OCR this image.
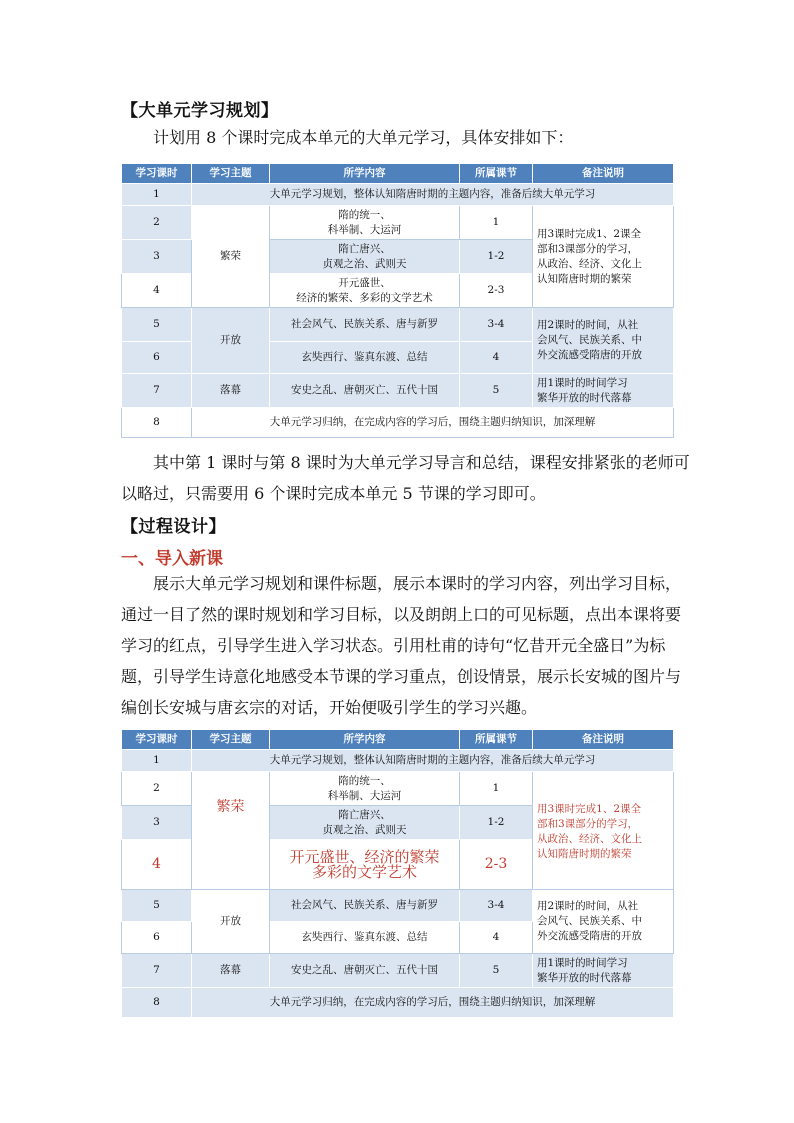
【大单元学习规划】
计划用 8 个课时完成本单元的大单元学习，具体安排如下：
学习课时	学习主题	所学内容	所属课节	备注说明
1	大单元学习规划，整体认知隋唐时期的主题内容，准备后续大单元学习			
2	繁荣	隋的统一、
科举制、大运河	1	用3课时完成1、2课全
部和3课部分的学习，
从政治、经济、文化上
认知隋唐时期的繁荣
3		隋亡唐兴、
贞观之治、武则天	1-2	
4		开元盛世、
经济的繁荣、多彩的文学艺术	2-3	
5	开放	社会风气、民族关系、唐与新罗	3-4	用2课时的时间，从社
会风气、民族关系、中
外交流感受隋唐的开放
6		玄奘西行、鉴真东渡、总结	4	
7	落幕	安史之乱、唐朝灭亡、五代十国	5	用1课时的时间学习
繁华开放的时代落幕
8	大单元学习归纳，在完成内容的学习后，围绕主题归纳知识，加深理解			
其中第 1 课时与第 8 课时为大单元学习导言和总结，课程安排紧张的老师可
以略过，只需要用 6 个课时完成本单元 5 节课的学习即可。
【过程设计】
一、导入新课
展示大单元学习规划和课件标题，展示本课时的学习内容，列出学习目标，
通过一目了然的课时规划和学习目标，以及朗朗上口的可见标题，点出本课将要
学习的红点，引导学生进入学习状态。引用杜甫的诗句“忆昔开元全盛日”为标
题，引导学生诗意化地感受本节课的学习重点，创设情景，展示长安城的图片与
编创长安城与唐玄宗的对话，开始便吸引学生的学习兴趣。
学习课时	学习主题	所学内容	所属课节	备注说明
1	大单元学习规划，整体认知隋唐时期的主题内容，准备后续大单元学习			
2	繁荣	隋的统一、
科举制、大运河	1	用3课时完成1、2课全
部和3课部分的学习，
从政治、经济、文化上
认知隋唐时期的繁荣
3		隋亡唐兴、
贞观之治、武则天	1-2	
4		开元盛世、经济的繁荣
多彩的文学艺术	2-3	
5	开放	社会风气、民族关系、唐与新罗	3-4	用2课时的时间，从社
会风气、民族关系、中
外交流感受隋唐的开放
6		玄奘西行、鉴真东渡、总结	4	
7	落幕	安史之乱、唐朝灭亡、五代十国	5	用1课时的时间学习
繁华开放的时代落幕
8	大单元学习归纳，在完成内容的学习后，围绕主题归纳知识，加深理解			
